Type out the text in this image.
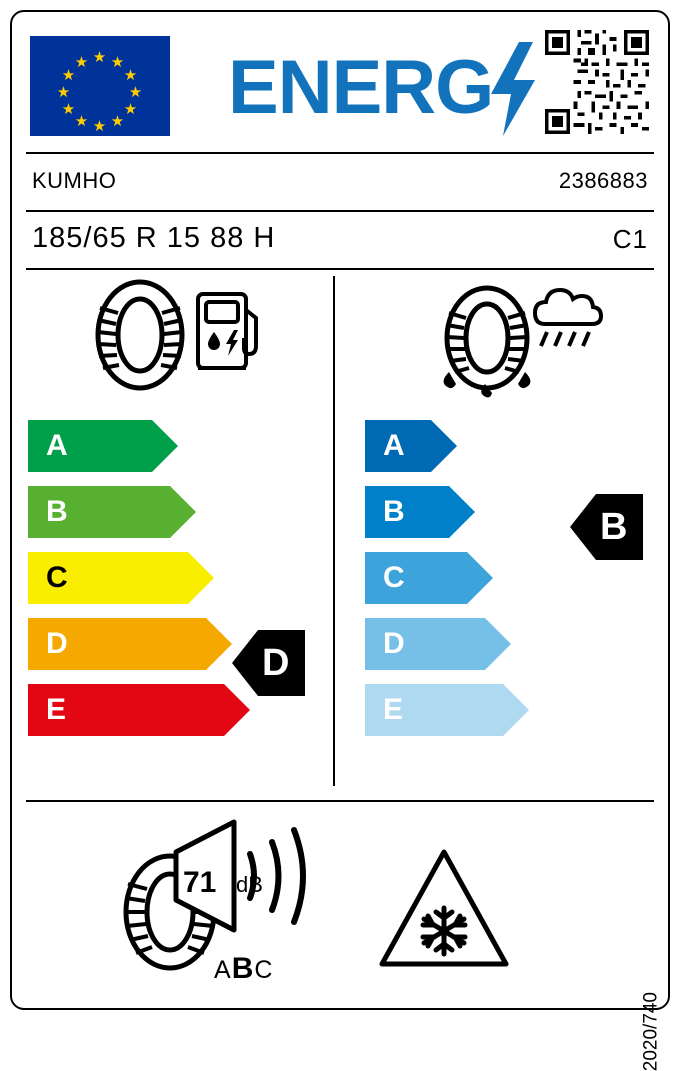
★
★ ★
★	★
★	★
★	★
★ ★
★ ENERG
KUMHO	2386883
185/65 R 15 88 H	C1
A
B
C
D
E
D
A
B
C
D
E
B
71 dB
ABC
2020/740
